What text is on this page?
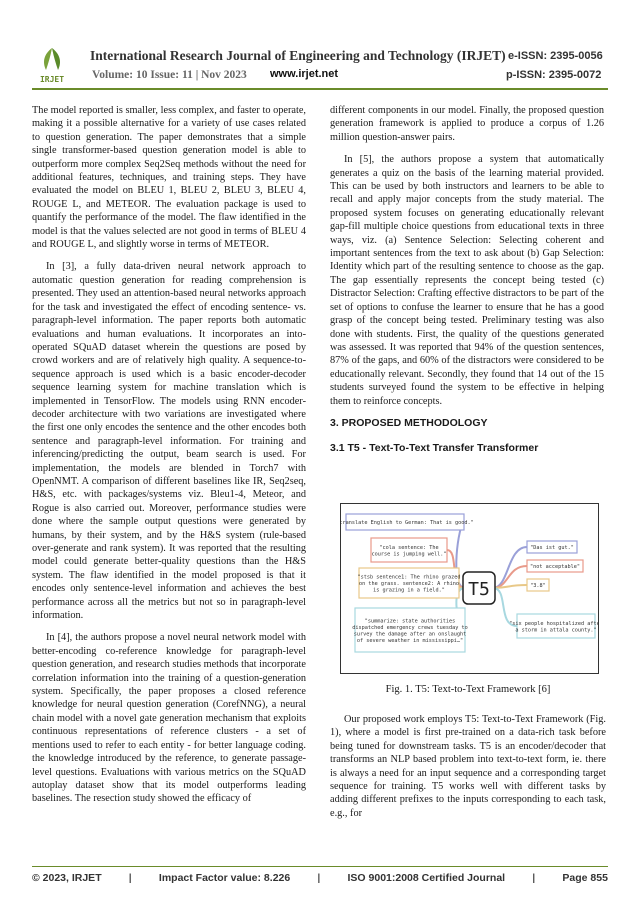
IRJET
International Research Journal of Engineering and Technology (IRJET) e-ISSN: 2395-0056
Volume: 10 Issue: 11 | Nov 2023 www.irjet.net	p-ISSN: 2395-0072

The model reported is smaller, less complex, and faster to operate, making it a possible alternative for a variety of use cases related to question generation. The paper demonstrates that a simple single transformer-based question generation model is able to outperform more complex Seq2Seq methods without the need for additional features, techniques, and training steps. They have evaluated the model on BLEU 1, BLEU 2, BLEU 3, BLEU 4, ROUGE L, and METEOR. The evaluation package is used to quantify the performance of the model. The flaw identified in the model is that the values selected are not good in terms of BLEU 4 and ROUGE L, and slightly worse in terms of METEOR.

In [3], a fully data-driven neural network approach to automatic question generation for reading comprehension is presented. They used an attention-based neural networks approach for the task and investigated the effect of encoding sentence- vs. paragraph-level information. The paper reports both automatic evaluations and human evaluations. It incorporates an into-operated SQuAD dataset wherein the questions are posed by crowd workers and are of relatively high quality. A sequence-to-sequence approach is used which is a basic encoder-decoder sequence learning system for machine translation which is implemented in TensorFlow. The models using RNN encoder-decoder architecture with two variations are investigated where the first one only encodes the sentence and the other encodes both sentence and paragraph-level information. For training and inferencing/predicting the output, beam search is used. For implementation, the models are blended in Torch7 with OpenNMT. A comparison of different baselines like IR, Seq2seq, H&S, etc. with packages/systems viz. Bleu1-4, Meteor, and Rogue is also carried out. Moreover, performance studies were done where the sample output questions were generated by humans, by their system, and by the H&S system (rule-based over-generate and rank system). It was reported that the resulting model could generate better-quality questions than the H&S system. The flaw identified in the model proposed is that it encodes only sentence-level information and achieves the best performance across all the metrics but not so in paragraph-level information.

In [4], the authors propose a novel neural network model with better-encoding co-reference knowledge for paragraph-level question generation, and research studies methods that incorporate correlation information into the training of a question-generation system. Specifically, the paper proposes a closed reference knowledge for neural question generation (CorefNNG), a neural chain model with a novel gate generation mechanism that exploits continuous representations of reference clusters - a set of mentions used to refer to each entity - for better language coding. the knowledge introduced by the reference, to generate passage-level questions. Evaluations with various metrics on the SQuAD autoplay dataset show that its model outperforms leading baselines. The resection study showed the efficacy of

different components in our model. Finally, the proposed question generation framework is applied to produce a corpus of 1.26 million question-answer pairs.

In [5], the authors propose a system that automatically generates a quiz on the basis of the learning material provided. This can be used by both instructors and learners to be able to recall and apply major concepts from the study material. The proposed system focuses on generating educationally relevant gap-fill multiple choice questions from educational texts in three ways, viz. (a) Sentence Selection: Selecting coherent and important sentences from the text to ask about (b) Gap Selection: Identity which part of the resulting sentence to choose as the gap. The gap essentially represents the concept being tested (c) Distractor Selection: Crafting effective distractors to be part of the set of options to confuse the learner to ensure that he has a good grasp of the concept being tested. Preliminary testing was also done with students. First, the quality of the questions generated was assessed. It was reported that 94% of the question sentences, 87% of the gaps, and 60% of the distractors were considered to be educationally relevant. Secondly, they found that 14 out of the 15 students surveyed found the system to be effective in helping them to reinforce concepts.

3. PROPOSED METHODOLOGY
3.1 T5 - Text-To-Text Transfer Transformer
T5
"translate English to German: That is good."
"cola sentence: The
course is jumping well."
"stsb sentence1: The rhino grazed
on the grass. sentence2: A rhino
is grazing in a field."
"summarize: state authorities
dispatched emergency crews tuesday to
survey the damage after an onslaught
of severe weather in mississippi…"
"Das ist gut."
"not acceptable"
"3.8"
"six people hospitalized after
a storm in attala county."
Fig. 1. T5: Text-to-Text Framework [6]
Our proposed work employs T5: Text-to-Text Framework (Fig. 1), where a model is first pre-trained on a data-rich task before being tuned for downstream tasks. T5 is an encoder/decoder that transforms an NLP based problem into text-to-text form, ie. there is always a need for an input sequence and a corresponding target sequence for training. T5 works well with different tasks by adding different prefixes to the inputs corresponding to each task, e.g., for
© 2023, IRJET	|	Impact Factor value: 8.226	|	ISO 9001:2008 Certified Journal	|	Page 855
